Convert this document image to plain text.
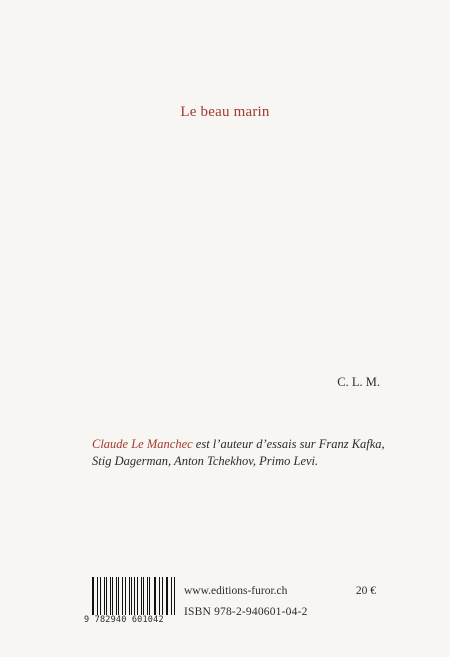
Le beau marin

C. L. M.
Claude Le Manchec est l’auteur d’essais sur Franz Kafka, Stig Dagerman, Anton Tchekhov, Primo Levi.
9 782940 601042
www.editions-furor.ch	20 €
ISBN 978-2-940601-04-2
